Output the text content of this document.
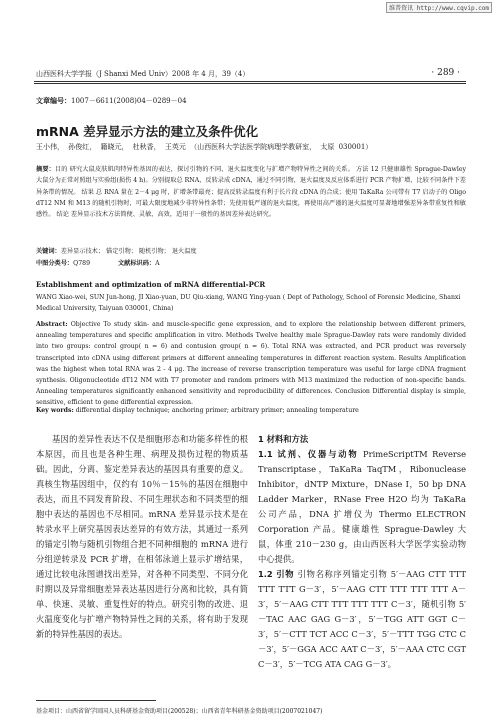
维普资讯 http://www.cqvip.com
山西医科大学学报（J Shanxi Med Univ）2008 年 4 月，39（4）	· 289 ·
文章编号：1007－6611(2008)04－0289－04
mRNA 差异显示方法的建立及条件优化
王小伟， 孙俊红， 籍晓元， 杜秋香， 王英元 （山西医科大学法医学院病理学教研室， 太原 030001）
摘要：目的 研究大鼠皮肤肌肉特异性基因的表达，探讨引物的不同、退火温度变化与扩增产物特异性之间的关系。 方法 12 只健康雄性 Sprague-Dawley 大鼠分为正常对照组与实验组(损伤 4 h)。分别提取总 RNA，反转录成 cDNA，通过不同引物，退火温度及反应体系进行 PCR 产物扩增，比较不同条件下差异条带的情况。 结果 总 RNA 量在 2－4 μg 时，扩增条带最亮；提高反转录温度有利于长片段 cDNA 的合成；使用 TaKaRa 公司带有 T7 启动子的 Oligo dT12 NM 和 M13 的随机引物时，可最大限度地减少非特异性条带；先使用低严谨的退火温度，再使用高严谨的退火温度可显著地增强差异条带重复性和敏感性。 结论 差异显示技术方法简便、灵敏、高效，适用于一般性的基因差异表达研究。
关键词：差异显示技术； 锚定引物； 随机引物； 退火温度
中图分类号：Q789	文献标识码：A
Establishment and optimization of mRNA differential-PCR
WANG Xiao-wei, SUN Jun-hong, JI Xiao-yuan, DU Qiu-xiang, WANG Ying-yuan ( Dept of Pathology, School of Forensic Medicine, Shanxi Medical University, Taiyuan 030001, China)
Abstract: Objective To study skin- and muscle-specific gene expression, and to explore the relationship between different primers, annealing temperatures and specific amplification in vitro. Methods Twelve healthy male Sprague-Dawley rats were randomly divided into two groups: control group( n = 6) and contusion group( n = 6). Total RNA was extracted, and PCR product was reversely transcripted into cDNA using different primers at different annealing temperatures in different reaction system. Results Amplification was the highest when total RNA was 2 - 4 μg. The increase of reverse transcription temperature was useful for large cDNA fragment synthesis. Oligonucleotide dT12 NM with T7 promoter and random primers with M13 maximized the reduction of non-specific bands. Annealing temperatures significantly enhanced sensitivity and reproducibility of differences. Conclusion Differential display is simple, sensitive, efficient to gene differential expression.
Key words: differential display technique; anchoring primer; arbitrary primer; annealing temperature
基因的差异性表达不仅是细胞形态和功能多样性的根本原因，而且也是各种生理、病理及损伤过程的物质基础。因此，分离、鉴定差异表达的基因具有重要的意义。真核生物基因组中，仅约有 10％－15％的基因在细胞中表达，而且不同发育阶段、不同生理状态和不同类型的细胞中表达的基因也不尽相同。mRNA 差异显示技术是在转录水平上研究基因表达差异的有效方法，其通过一系列的锚定引物与随机引物组合把不同种细胞的 mRNA 进行分组逆转录及 PCR 扩增，在相邻泳道上显示扩增结果，通过比较电泳图谱找出差异，对各种不同类型、不同分化时期以及异常细胞差异表达基因进行分离和比较，具有简单、快速、灵敏、重复性好的特点。研究引物的改进、退火温度变化与扩增产物特异性之间的关系，将有助于发现新的特异性基因的表达。
1 材料和方法
1.1 试剂、仪器与动物 PrimeScriptTM Reverse Transcriptase，TaKaRa TaqTM，Ribonuclease Inhibitor，dNTP Mixture，DNase Ⅰ，50 bp DNA Ladder Marker，RNase Free H2O 均为 TaKaRa 公司产品，DNA 扩增仪为 Thermo ELECTRON Corporation 产品。健康雄性 Sprague-Dawley 大鼠，体重 210－230 g，由山西医科大学医学实验动物中心提供。
1.2 引物 引物名称序列锚定引物 5′－AAG CTT TTT TTT TTT G－3′，5′－AAG CTT TTT TTT TTT A－3′，5′－AAG CTT TTT TTT TTT C－3′，随机引物 5′－TAC AAC GAG G－3′，5′－TGG ATT GGT C－3′，5′－CTT TCT ACC C－3′，5′－TTT TGG CTC C－3′，5′－GGA ACC AAT C－3′，5′－AAA CTC CGT C－3′，5′－TCG ATA CAG G－3′。
基金项目：山西省留学回国人员科研基金资助项目(200528)；山西省青年科研基金资助项目(2007021047)
